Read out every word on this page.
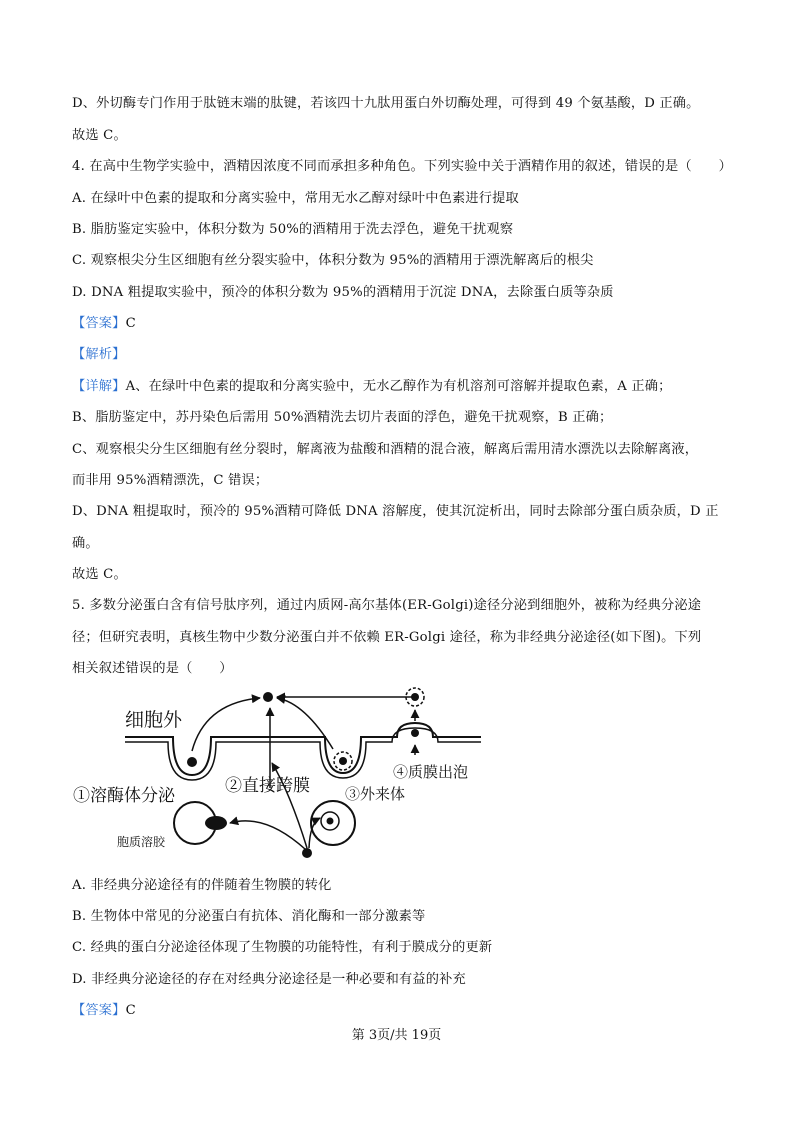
D、外切酶专门作用于肽链末端的肽键，若该四十九肽用蛋白外切酶处理，可得到 49 个氨基酸，D 正确。
故选 C。
4. 在高中生物学实验中，酒精因浓度不同而承担多种角色。下列实验中关于酒精作用的叙述，错误的是（　　）
A. 在绿叶中色素的提取和分离实验中，常用无水乙醇对绿叶中色素进行提取
B. 脂肪鉴定实验中，体积分数为 50%的酒精用于洗去浮色，避免干扰观察
C. 观察根尖分生区细胞有丝分裂实验中，体积分数为 95%的酒精用于漂洗解离后的根尖
D. DNA 粗提取实验中，预冷的体积分数为 95%的酒精用于沉淀 DNA，去除蛋白质等杂质
【答案】C
【解析】
【详解】A、在绿叶中色素的提取和分离实验中，无水乙醇作为有机溶剂可溶解并提取色素，A 正确；
B、脂肪鉴定中，苏丹染色后需用 50%酒精洗去切片表面的浮色，避免干扰观察，B 正确；
C、观察根尖分生区细胞有丝分裂时，解离液为盐酸和酒精的混合液，解离后需用清水漂洗以去除解离液，
而非用 95%酒精漂洗，C 错误；
D、DNA 粗提取时，预冷的 95%酒精可降低 DNA 溶解度，使其沉淀析出，同时去除部分蛋白质杂质，D 正
确。
故选 C。
5. 多数分泌蛋白含有信号肽序列，通过内质网-高尔基体(ER-Golgi)途径分泌到细胞外，被称为经典分泌途
径；但研究表明，真核生物中少数分泌蛋白并不依赖 ER-Golgi 途径，称为非经典分泌途径(如下图)。下列
相关叙述错误的是（　　）
细胞外
①溶酶体分泌	②直接跨膜 ③外来体
④质膜出泡
胞质溶胶
A. 非经典分泌途径有的伴随着生物膜的转化
B. 生物体中常见的分泌蛋白有抗体、消化酶和一部分激素等
C. 经典的蛋白分泌途径体现了生物膜的功能特性，有利于膜成分的更新
D. 非经典分泌途径的存在对经典分泌途径是一种必要和有益的补充
【答案】C
第 3页/共 19页
